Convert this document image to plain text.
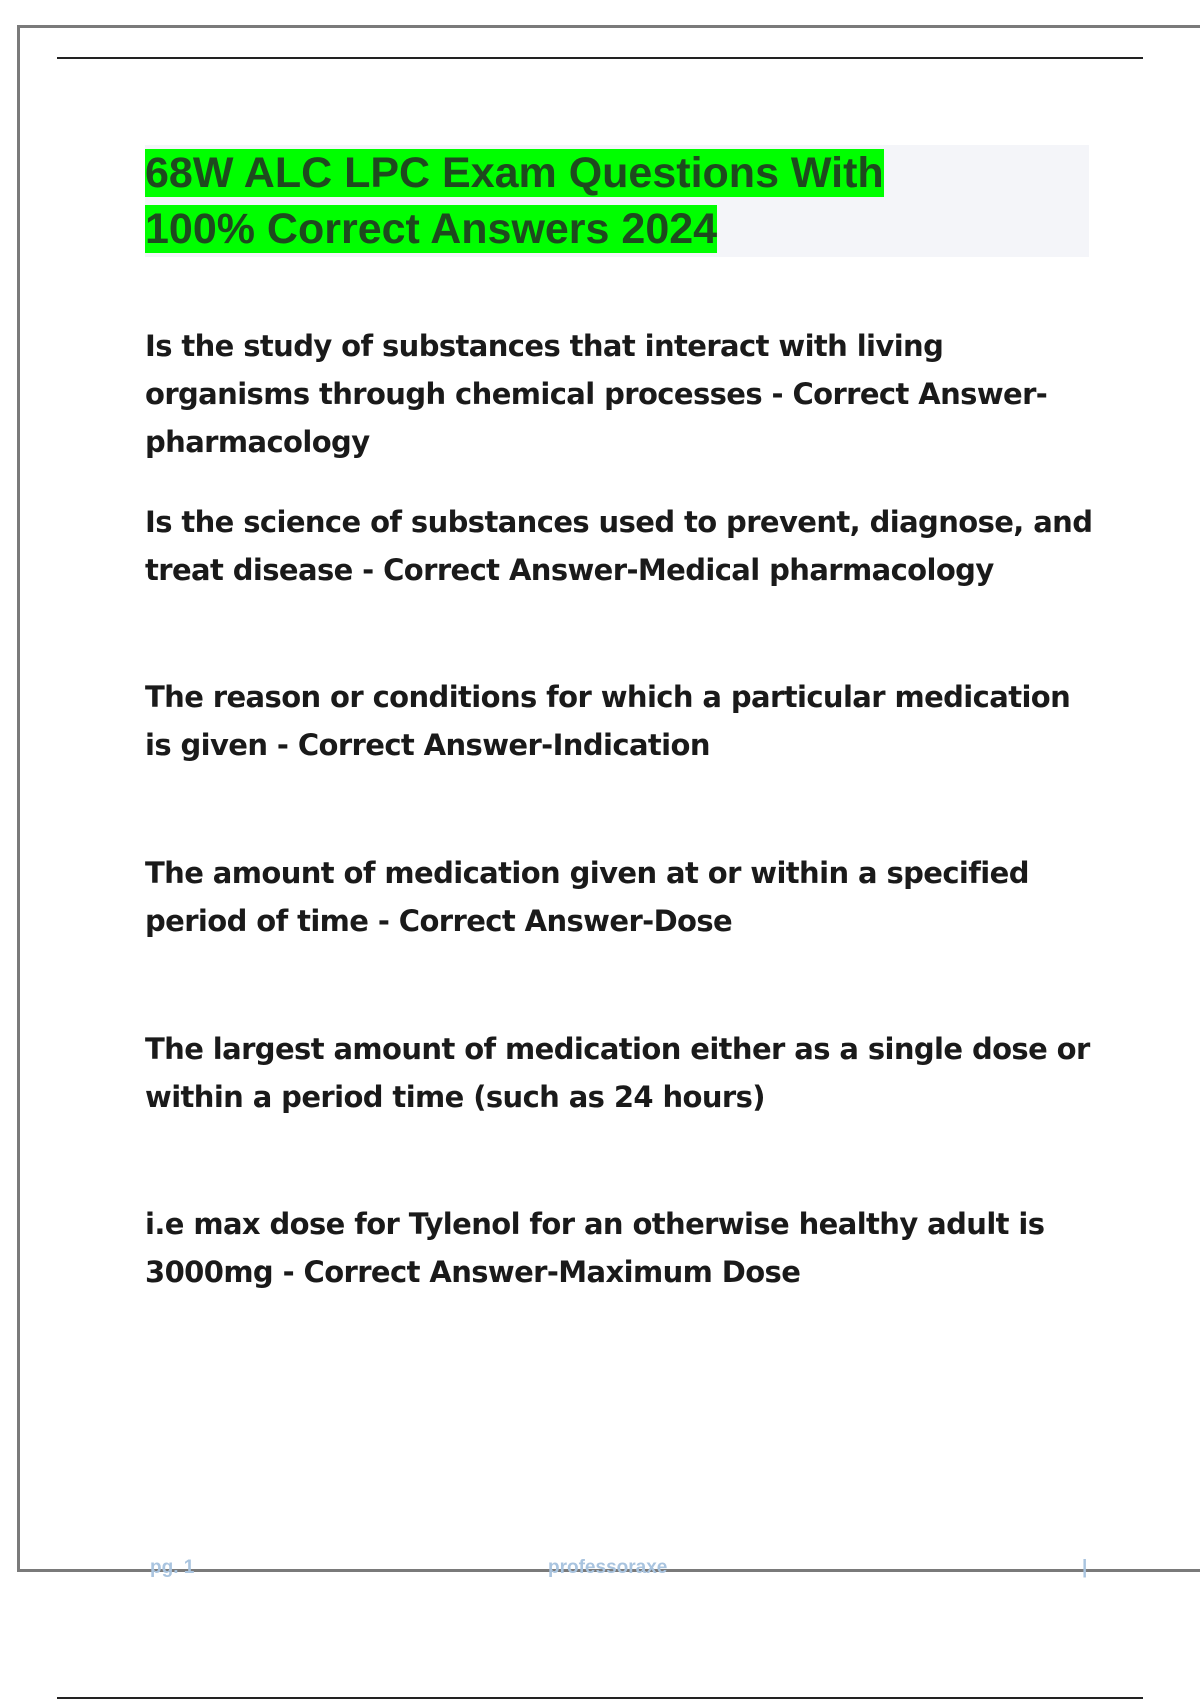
68W ALC LPC Exam Questions With
100% Correct Answers 2024

Is the study of substances that interact with living organisms through chemical processes - Correct Answer-pharmacology

Is the science of substances used to prevent, diagnose, and treat disease - Correct Answer-Medical pharmacology

The reason or conditions for which a particular medication is given - Correct Answer-Indication

The amount of medication given at or within a specified period of time - Correct Answer-Dose

The largest amount of medication either as a single dose or within a period time (such as 24 hours)

i.e max dose for Tylenol for an otherwise healthy adult is 3000mg - Correct Answer-Maximum Dose

pg. 1	professoraxe	|
